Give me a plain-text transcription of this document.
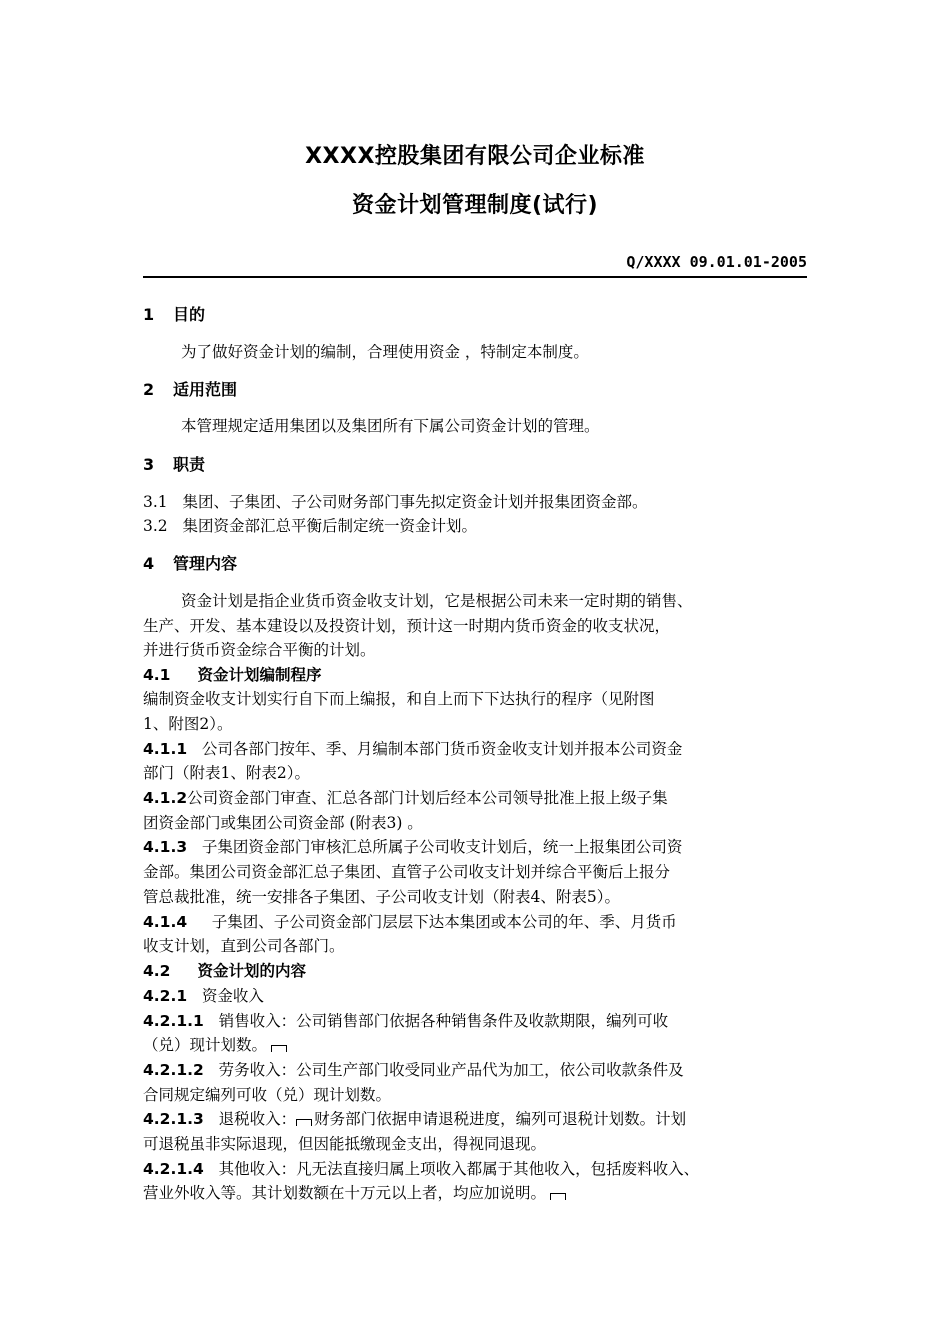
XXXX控股集团有限公司企业标准
资金计划管理制度(试行)
Q/XXXX 09.01.01-2005
1 目的
为了做好资金计划的编制，合理使用资金 ，特制定本制度。
2 适用范围
本管理规定适用集团以及集团所有下属公司资金计划的管理。
3 职责
3.1 集团、子集团、子公司财务部门事先拟定资金计划并报集团资金部。
3.2 集团资金部汇总平衡后制定统一资金计划。
4 管理内容
资金计划是指企业货币资金收支计划，它是根据公司未来一定时期的销售、
生产、开发、基本建设以及投资计划，预计这一时期内货币资金的收支状况，
并进行货币资金综合平衡的计划。
4.1 资金计划编制程序
编制资金收支计划实行自下而上编报，和自上而下下达执行的程序（见附图
1、附图2）。
4.1.1 公司各部门按年、季、月编制本部门货币资金收支计划并报本公司资金
部门（附表1、附表2）。
4.1.2公司资金部门审查、汇总各部门计划后经本公司领导批准上报上级子集
团资金部门或集团公司资金部 (附表3) 。
4.1.3 子集团资金部门审核汇总所属子公司收支计划后，统一上报集团公司资
金部。集团公司资金部汇总子集团、直管子公司收支计划并综合平衡后上报分
管总裁批准，统一安排各子集团、子公司收支计划（附表4、附表5）。
4.1.4 子集团、子公司资金部门层层下达本集团或本公司的年、季、月货币
收支计划，直到公司各部门。
4.2 资金计划的内容
4.2.1 资金收入
4.2.1.1 销售收入：公司销售部门依据各种销售条件及收款期限，编列可收
（兑）现计划数。
4.2.1.2 劳务收入：公司生产部门收受同业产品代为加工，依公司收款条件及
合同规定编列可收（兑）现计划数。
4.2.1.3 退税收入： 财务部门依据申请退税进度，编列可退税计划数。计划
可退税虽非实际退现，但因能抵缴现金支出，得视同退现。
4.2.1.4 其他收入：凡无法直接归属上项收入都属于其他收入，包括废料收入、
营业外收入等。其计划数额在十万元以上者，均应加说明。
